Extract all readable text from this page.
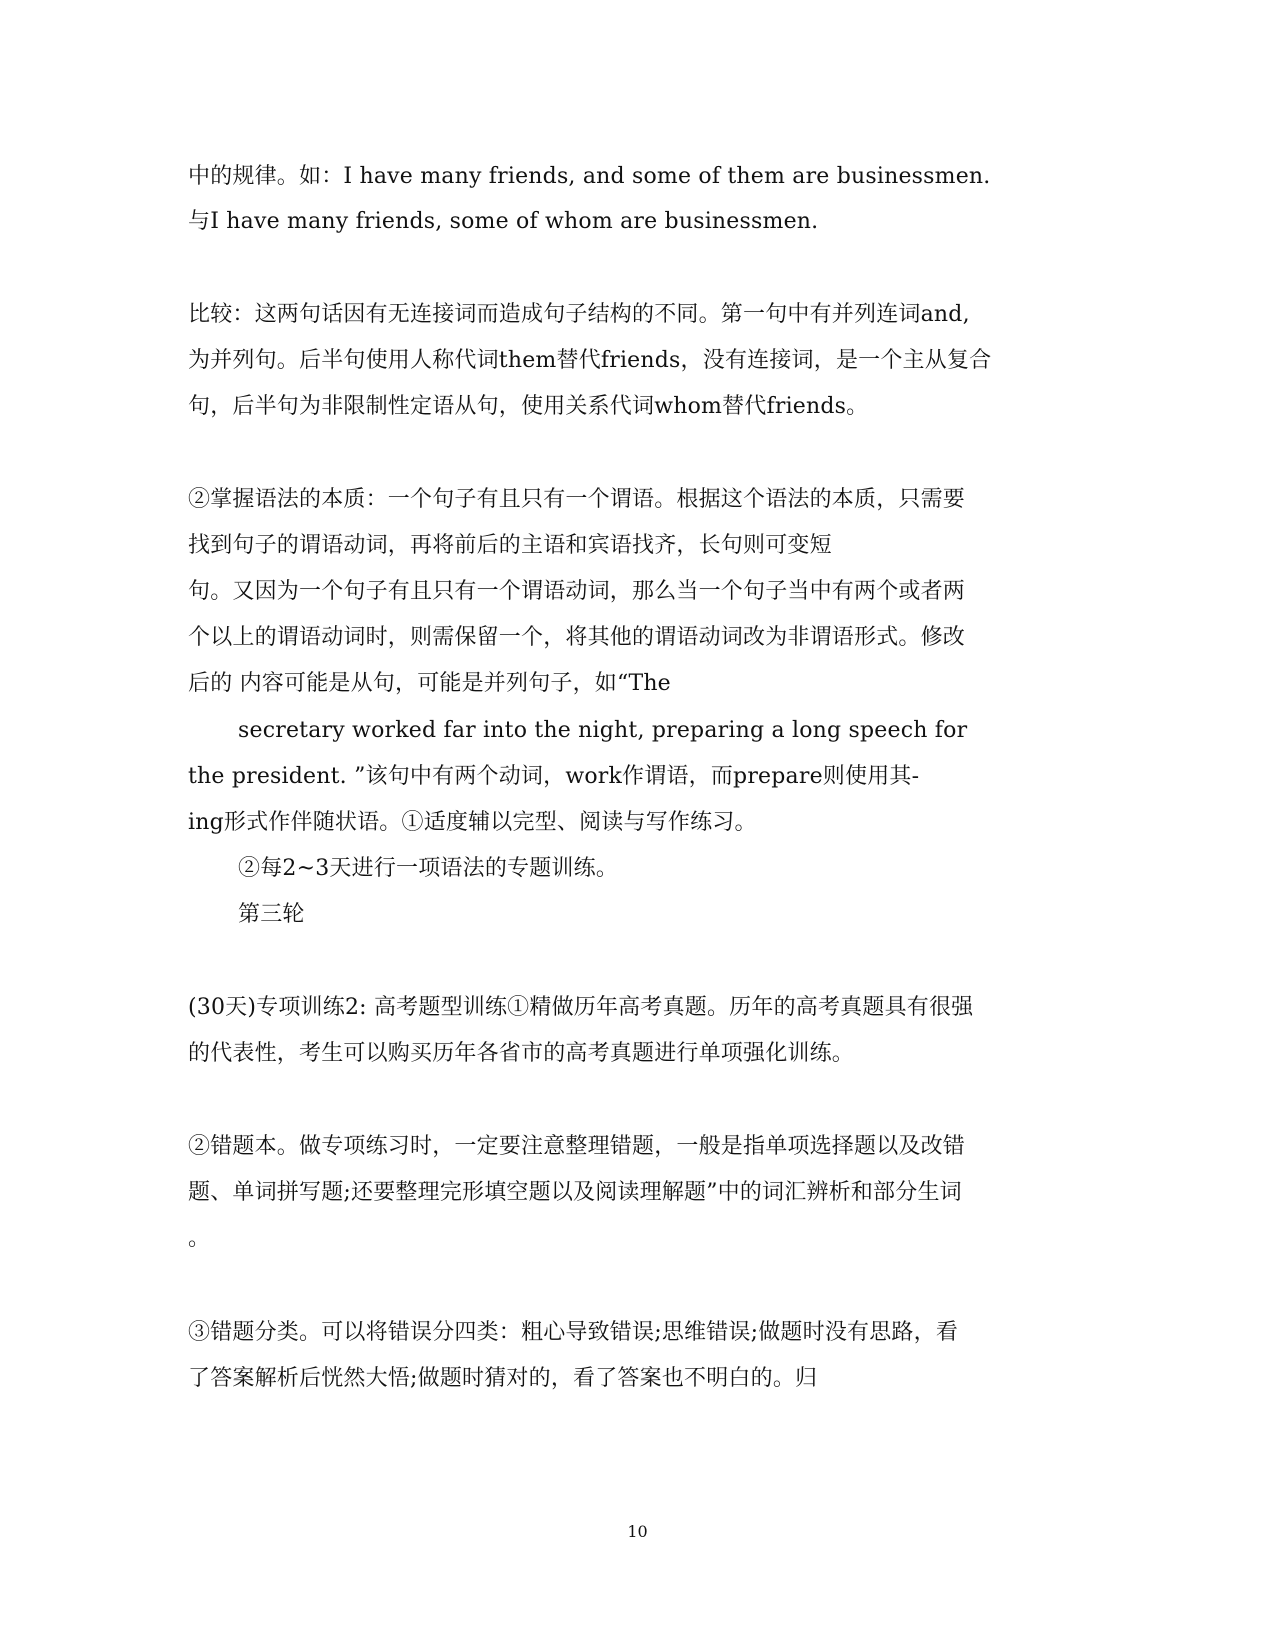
中的规律。如：I have many friends, and some of them are businessmen.
与I have many friends, some of whom are businessmen.
比较：这两句话因有无连接词而造成句子结构的不同。第一句中有并列连词and,
为并列句。后半句使用人称代词them替代friends，没有连接词，是一个主从复合
句，后半句为非限制性定语从句，使用关系代词whom替代friends。
②掌握语法的本质：一个句子有且只有一个谓语。根据这个语法的本质，只需要
找到句子的谓语动词，再将前后的主语和宾语找齐，长句则可变短
句。又因为一个句子有且只有一个谓语动词，那么当一个句子当中有两个或者两
个以上的谓语动词时，则需保留一个，将其他的谓语动词改为非谓语形式。修改
后的 内容可能是从句，可能是并列句子，如“The
secretary worked far into the night, preparing a long speech for
the president. ”该句中有两个动词，work作谓语，而prepare则使用其-
ing形式作伴随状语。①适度辅以完型、阅读与写作练习。
②每2~3天进行一项语法的专题训练。
第三轮
(30天)专项训练2: 高考题型训练①精做历年高考真题。历年的高考真题具有很强
的代表性，考生可以购买历年各省市的高考真题进行单项强化训练。
②错题本。做专项练习时，一定要注意整理错题，一般是指单项选择题以及改错
题、单词拼写题;还要整理完形填空题以及阅读理解题”中的词汇辨析和部分生词
。
③错题分类。可以将错误分四类：粗心导致错误;思维错误;做题时没有思路，看
了答案解析后恍然大悟;做题时猜对的，看了答案也不明白的。归
10
